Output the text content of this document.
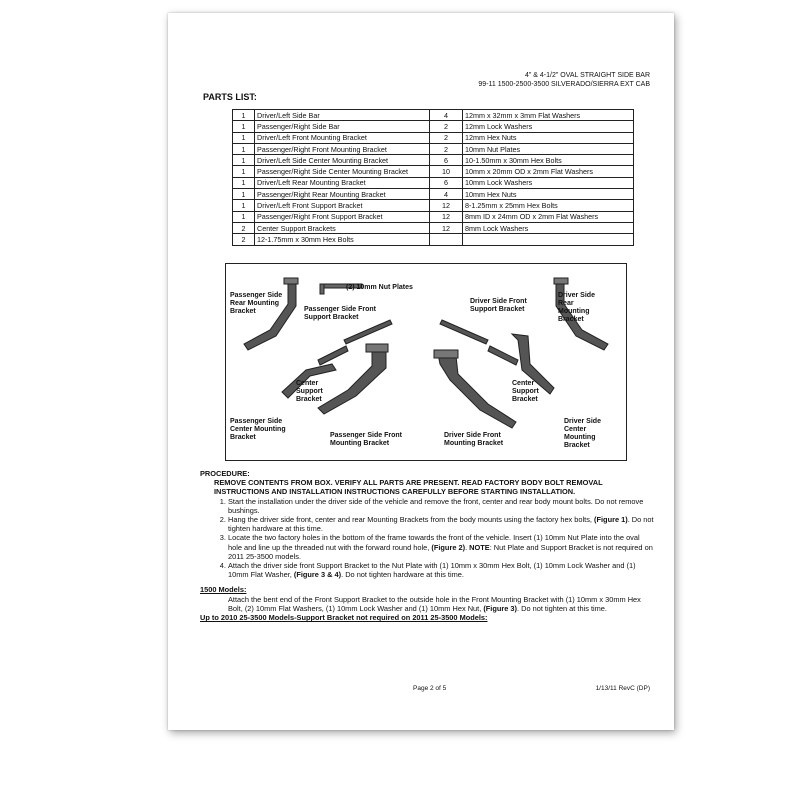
4" & 4-1/2" OVAL STRAIGHT SIDE BAR
99-11 1500-2500-3500 SILVERADO/SIERRA EXT CAB
PARTS LIST:
1	Driver/Left Side Bar	4	12mm x 32mm x 3mm Flat Washers
1	Passenger/Right Side Bar	2	12mm Lock Washers
1	Driver/Left Front Mounting Bracket	2	12mm Hex Nuts
1	Passenger/Right Front Mounting Bracket	2	10mm Nut Plates
1	Driver/Left Side Center Mounting Bracket	6	10-1.50mm x 30mm Hex Bolts
1	Passenger/Right Side Center Mounting Bracket	10	10mm x 20mm OD x 2mm Flat Washers
1	Driver/Left Rear Mounting Bracket	6	10mm Lock Washers
1	Passenger/Right Rear Mounting Bracket	4	10mm Hex Nuts
1	Driver/Left Front Support Bracket	12	8-1.25mm x 25mm Hex Bolts
1	Passenger/Right Front Support Bracket	12	8mm ID x 24mm OD x 2mm Flat Washers
2	Center Support Brackets	12	8mm Lock Washers
2	12-1.75mm x 30mm Hex Bolts		
(2) 10mm Nut Plates
Passenger Side Rear Mounting Bracket	Passenger Side Front Support Bracket
Driver Side Front Support Bracket
Driver Side Rear Mounting Bracket
Center Support Bracket
Center Support Bracket
Passenger Side Center Mounting Bracket	Passenger Side Front Mounting Bracket
Driver Side Front Mounting Bracket
Driver Side Center Mounting Bracket
PROCEDURE:
REMOVE CONTENTS FROM BOX. VERIFY ALL PARTS ARE PRESENT. READ FACTORY BODY BOLT REMOVAL INSTRUCTIONS AND INSTALLATION INSTRUCTIONS CAREFULLY BEFORE STARTING INSTALLATION.
1. Start the installation under the driver side of the vehicle and remove the front, center and rear body mount bolts. Do not remove bushings.
2. Hang the driver side front, center and rear Mounting Brackets from the body mounts using the factory hex bolts, (Figure 1). Do not tighten hardware at this time.
3. Locate the two factory holes in the bottom of the frame towards the front of the vehicle. Insert (1) 10mm Nut Plate into the oval hole and line up the threaded nut with the forward round hole, (Figure 2). NOTE: Nut Plate and Support Bracket is not required on 2011 25-3500 models.
4. Attach the driver side front Support Bracket to the Nut Plate with (1) 10mm x 30mm Hex Bolt, (1) 10mm Lock Washer and (1) 10mm Flat Washer, (Figure 3 & 4). Do not tighten hardware at this time.
1500 Models:
Attach the bent end of the Front Support Bracket to the outside hole in the Front Mounting Bracket with (1) 10mm x 30mm Hex Bolt, (2) 10mm Flat Washers, (1) 10mm Lock Washer and (1) 10mm Hex Nut, (Figure 3). Do not tighten at this time.
Up to 2010 25-3500 Models-Support Bracket not required on 2011 25-3500 Models:
Page 2 of 5	1/13/11 RevC (DP)
